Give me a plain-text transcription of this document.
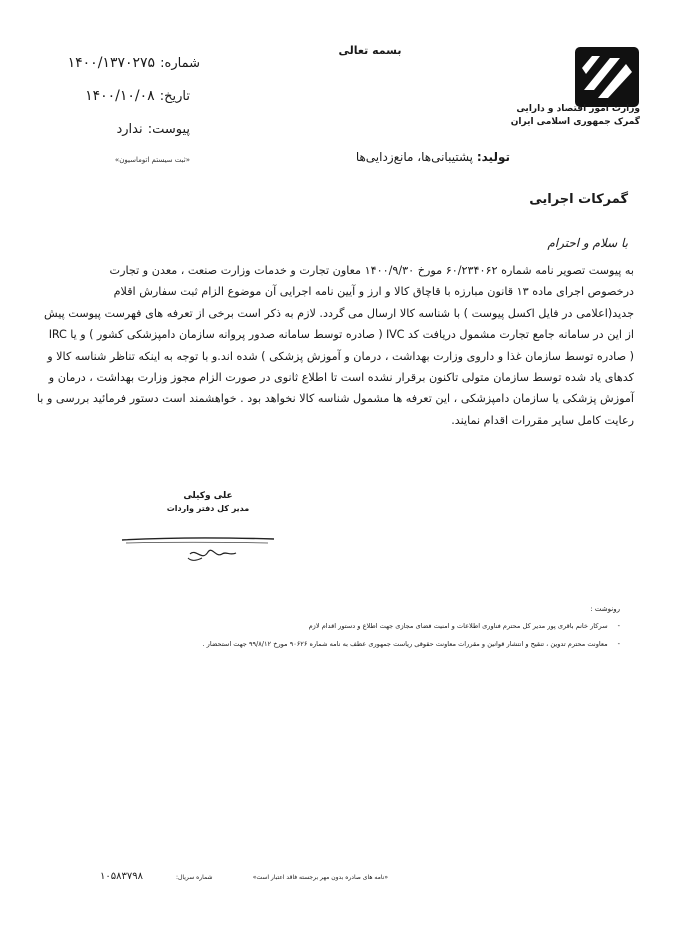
بسمه تعالی
شماره: ۱۴۰۰/۱۳۷۰۲۷۵
تاریخ: ۱۴۰۰/۱۰/۰۸
پیوست: ندارد
«ثبت سیستم اتوماسیون»	تولید: پشتیبانی‌ها، مانع‌زدایی‌ها
وزارت امور اقتصاد و دارایی
گمرک جمهوری اسلامی ایران
گمرکات اجرایی
با سلام و احترام

به پیوست تصویر نامه شماره ۶۰/۲۳۴۰۶۲ مورخ ۱۴۰۰/۹/۳۰ معاون تجارت و خدمات وزارت صنعت ، معدن و تجارت

درخصوص اجرای ماده ۱۳ قانون مبارزه با قاچاق کالا و ارز و آیین نامه اجرایی آن موضوع الزام ثبت سفارش اقلام

جدید(اعلامی در فایل اکسل پیوست ) با شناسه کالا ارسال می گردد. لازم به ذکر است برخی از تعرفه های فهرست پیوست پیش

از این در سامانه جامع تجارت مشمول دریافت کد IVC ( صادره توسط سامانه صدور پروانه سازمان دامپزشکی کشور ) و یا IRC

( صادره توسط سازمان غذا و داروی وزارت بهداشت ، درمان و آموزش پزشکی ) شده اند.و با توجه به اینکه تناظر شناسه کالا و

کدهای یاد شده توسط سازمان متولی تاکنون برقرار نشده است تا اطلاع ثانوی در صورت الزام مجوز وزارت بهداشت ، درمان و

آموزش پزشکی یا سازمان دامپزشکی ، این تعرفه ها مشمول شناسه کالا نخواهد بود . خواهشمند است دستور فرمائید بررسی و با

رعایت کامل سایر مقررات اقدام نمایند.

علی وکیلی
مدیر کل دفتر واردات
رونوشت :
-سرکار خانم باقری پور مدیر کل محترم فناوری اطلاعات و امنیت فضای مجازی جهت اطلاع و دستور اقدام لازم
-معاونت محترم تدوین ، تنقیح و انتشار قوانین و مقررات معاونت حقوقی ریاست جمهوری عطف به نامه شماره ۹۰۶۲۶ مورخ ۹۹/۸/۱۲ جهت استحضار .
«نامه های صادره بدون مهر برجسته فاقد اعتبار است»
شماره سریال:
۱۰۵۸۳۷۹۸
